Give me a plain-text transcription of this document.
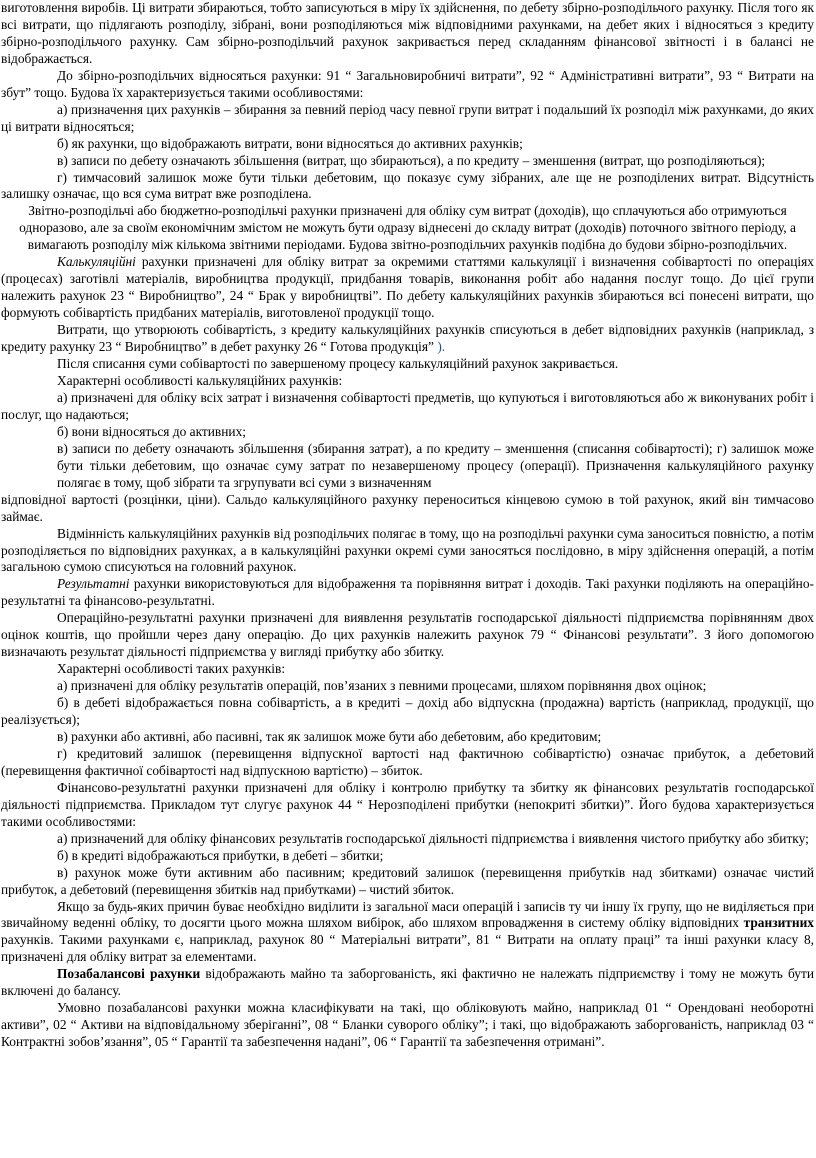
виготовлення виробів. Ці витрати збираються, тобто записуються в міру їх здійснення, по дебету збірно-розподільчого рахунку. Після того як всі витрати, що підлягають розподілу, зібрані, вони розподіляються між відповідними рахунками, на дебет яких і відносяться з кредиту збірно-розподільчого рахунку. Сам збірно-розподільчий рахунок закривається перед складанням фінансової звітності і в балансі не відображається.

До збірно-розподільчих відносяться рахунки: 91 “ Загальновиробничі витрати”, 92 “ Адміністративні витрати”, 93 “ Витрати на збут” тощо. Будова їх характеризується такими особливостями:

а) призначення цих рахунків – збирання за певний період часу певної групи витрат і подальший їх розподіл між рахунками, до яких ці витрати відносяться;

б) як рахунки, що відображають витрати, вони відносяться до активних рахунків;

в) записи по дебету означають збільшення (витрат, що збираються), а по кредиту – зменшення (витрат, що розподіляються);

г) тимчасовий залишок може бути тільки дебетовим, що показує суму зібраних, але ще не розподілених витрат. Відсутність залишку означає, що вся сума витрат вже розподілена.

Звітно-розподільчі або бюджетно-розподільчі рахунки призначені для обліку сум витрат (доходів), що сплачуються або отримуються одноразово, але за своїм економічним змістом не можуть бути одразу віднесені до складу витрат (доходів) поточного звітного періоду, а вимагають розподілу між кількома звітними періодами. Будова звітно-розподільчих рахунків подібна до будови збірно-розподільчих.

Калькуляційні рахунки призначені для обліку витрат за окремими статтями калькуляції і визначення собівартості по операціях (процесах) заготівлі матеріалів, виробництва продукції, придбання товарів, виконання робіт або надання послуг тощо. До цієї групи належить рахунок 23 “ Виробництво”, 24 “ Брак у виробництві”. По дебету калькуляційних рахунків збираються всі понесені витрати, що формують собівартість придбаних матеріалів, виготовленої продукції тощо.

Витрати, що утворюють собівартість, з кредиту калькуляційних рахунків списуються в дебет відповідних рахунків (наприклад, з кредиту рахунку 23 “ Виробництво” в дебет рахунку 26 “ Готова продукція” ).

Після списання суми собівартості по завершеному процесу калькуляційний рахунок закривається.

Характерні особливості калькуляційних рахунків:

а) призначені для обліку всіх затрат і визначення собівартості предметів, що купуються і виготовляються або ж виконуваних робіт і послуг, що надаються;

б) вони відносяться до активних;

в) записи по дебету означають збільшення (збирання затрат), а по кредиту – зменшення (списання собівартості); г) залишок може бути тільки дебетовим, що означає суму затрат по незавершеному процесу (операції). Призначення калькуляційного рахунку полягає в тому, щоб зібрати та згрупувати всі суми з визначенням

відповідної вартості (розцінки, ціни). Сальдо калькуляційного рахунку переноситься кінцевою сумою в той рахунок, який він тимчасово займає.

Відмінність калькуляційних рахунків від розподільчих полягає в тому, що на розподільчі рахунки сума заноситься повністю, а потім розподіляється по відповідних рахунках, а в калькуляційні рахунки окремі суми заносяться послідовно, в міру здійснення операцій, а потім загальною сумою списуються на головний рахунок.

Результатні рахунки використовуються для відображення та порівняння витрат і доходів. Такі рахунки поділяють на операційно-результатні та фінансово-результатні.

Операційно-результатні рахунки призначені для виявлення результатів господарської діяльності підприємства порівнянням двох оцінок коштів, що пройшли через дану операцію. До цих рахунків належить рахунок 79 “ Фінансові результати”. З його допомогою визначають результат діяльності підприємства у вигляді прибутку або збитку.

Характерні особливості таких рахунків:

а) призначені для обліку результатів операцій, пов’язаних з певними процесами, шляхом порівняння двох оцінок;

б) в дебеті відображається повна собівартість, а в кредиті – дохід або відпускна (продажна) вартість (наприклад, продукції, що реалізується);

в) рахунки або активні, або пасивні, так як залишок може бути або дебетовим, або кредитовим;

г) кредитовий залишок (перевищення відпускної вартості над фактичною собівартістю) означає прибуток, а дебетовий (перевищення фактичної собівартості над відпускною вартістю) – збиток.

Фінансово-результатні рахунки призначені для обліку і контролю прибутку та збитку як фінансових результатів господарської діяльності підприємства. Прикладом тут слугує рахунок 44 “ Нерозподілені прибутки (непокриті збитки)”. Його будова характеризується такими особливостями:

а) призначений для обліку фінансових результатів господарської діяльності підприємства і виявлення чистого прибутку або збитку;

б) в кредиті відображаються прибутки, в дебеті – збитки;

в) рахунок може бути активним або пасивним; кредитовий залишок (перевищення прибутків над збитками) означає чистий прибуток, а дебетовий (перевищення збитків над прибутками) – чистий збиток.

Якщо за будь-яких причин буває необхідно виділити із загальної маси операцій і записів ту чи іншу їх групу, що не виділяється при звичайному веденні обліку, то досягти цього можна шляхом вибірок, або шляхом впровадження в систему обліку відповідних транзитних рахунків. Такими рахунками є, наприклад, рахунок 80 “ Матеріальні витрати”, 81 “ Витрати на оплату праці” та інші рахунки класу 8, призначені для обліку витрат за елементами.

Позабалансові рахунки відображають майно та заборгованість, які фактично не належать підприємству і тому не можуть бути включені до балансу.

Умовно позабалансові рахунки можна класифікувати на такі, що обліковують майно, наприклад 01 “ Орендовані необоротні активи”, 02 “ Активи на відповідальному зберіганні”, 08 “ Бланки суворого обліку”; і такі, що відображають заборгованість, наприклад 03 “ Контрактні зобов’язання”, 05 “ Гарантії та забезпечення надані”, 06 “ Гарантії та забезпечення отримані”.
